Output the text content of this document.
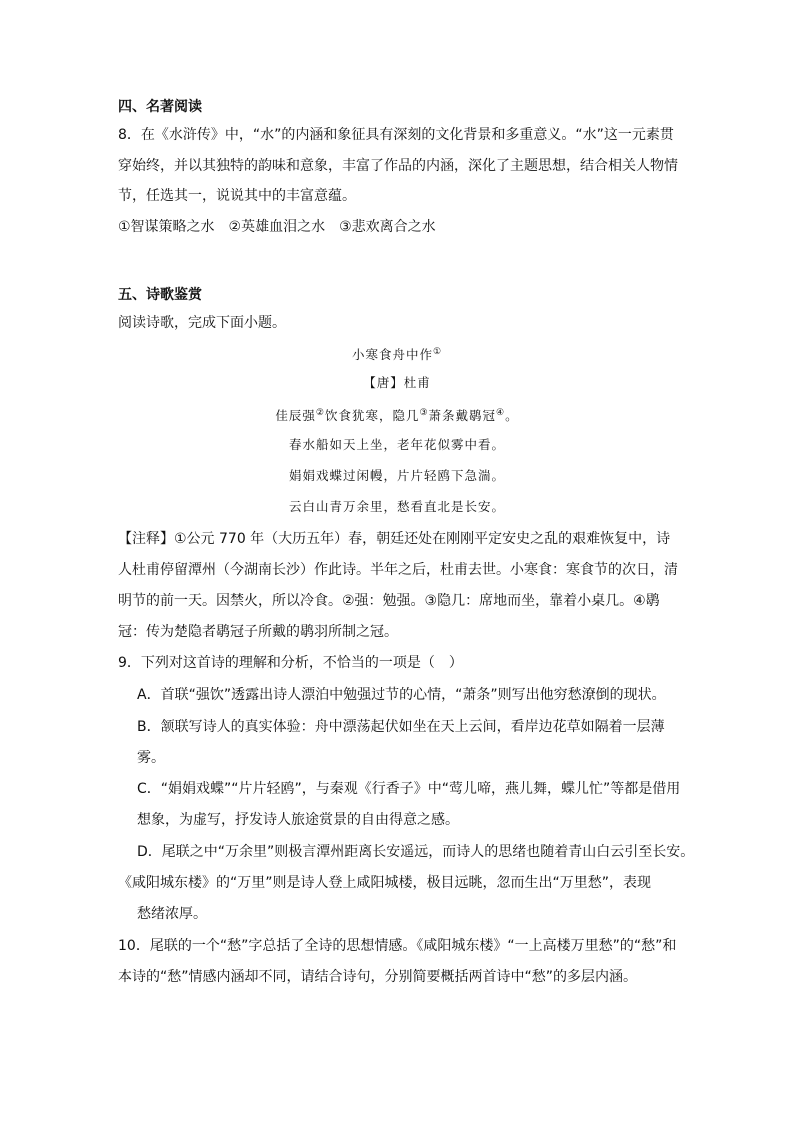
四、名著阅读
8．在《水浒传》中，“水”的内涵和象征具有深刻的文化背景和多重意义。“水”这一元素贯
穿始终，并以其独特的韵味和意象，丰富了作品的内涵，深化了主题思想，结合相关人物情
节，任选其一，说说其中的丰富意蕴。
①智谋策略之水　②英雄血泪之水　③悲欢离合之水
五、诗歌鉴赏
阅读诗歌，完成下面小题。
小寒食舟中作①
【唐】杜甫
佳辰强②饮食犹寒，隐几③萧条戴鹖冠④。
春水船如天上坐，老年花似雾中看。
娟娟戏蝶过闲幔，片片轻鸥下急湍。
云白山青万余里，愁看直北是长安。
【注释】①公元 770 年（大历五年）春，朝廷还处在刚刚平定安史之乱的艰难恢复中，诗
人杜甫停留潭州（今湖南长沙）作此诗。半年之后，杜甫去世。小寒食：寒食节的次日，清
明节的前一天。因禁火，所以冷食。②强：勉强。③隐几：席地而坐，靠着小桌几。④鹖
冠：传为楚隐者鹖冠子所戴的鹖羽所制之冠。
9．下列对这首诗的理解和分析，不恰当的一项是（　）
A．首联“强饮”透露出诗人漂泊中勉强过节的心情，“萧条”则写出他穷愁潦倒的现状。
B．颔联写诗人的真实体验：舟中漂荡起伏如坐在天上云间，看岸边花草如隔着一层薄
雾。
C．“娟娟戏蝶”“片片轻鸥”，与秦观《行香子》中“莺儿啼，燕儿舞，蝶儿忙”等都是借用
想象，为虚写，抒发诗人旅途赏景的自由得意之感。
D．尾联之中“万余里”则极言潭州距离长安遥远，而诗人的思绪也随着青山白云引至长安。
《咸阳城东楼》的“万里”则是诗人登上咸阳城楼，极目远眺，忽而生出“万里愁”，表现
愁绪浓厚。
10．尾联的一个“愁”字总括了全诗的思想情感。《咸阳城东楼》“一上高楼万里愁”的“愁”和
本诗的“愁”情感内涵却不同，请结合诗句，分别简要概括两首诗中“愁”的多层内涵。
